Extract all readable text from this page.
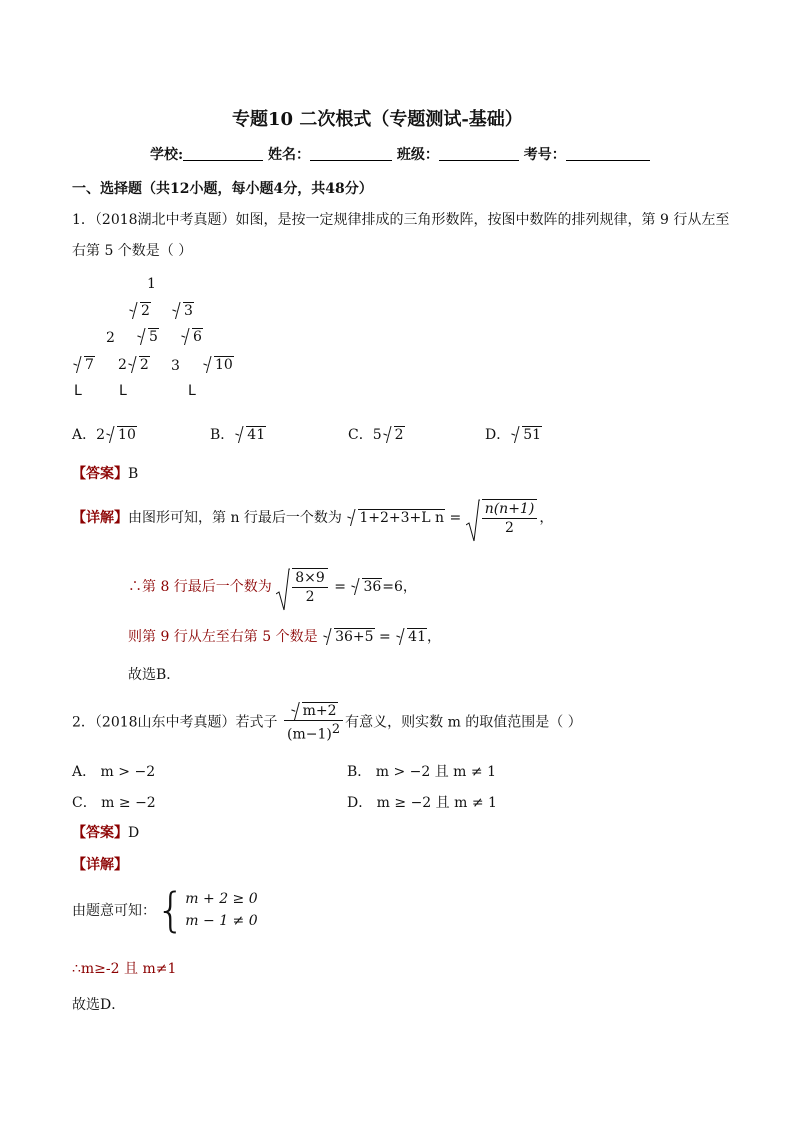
专题10 二次根式（专题测试-基础）
学校:	姓名：	班级：	考号：
一、选择题（共12小题，每小题4分，共48分）
1．（2018湖北中考真题）如图，是按一定规律排成的三角形数阵，按图中数阵的排列规律，第 9 行从左至
右第 5 个数是（ ）
1
2	3
2	5	6
7 2 2 3	10
L	L	L
A．2 10	B． 41	C．5 2	D． 51
【答案】B
【详解】由图形可知，第 n 行最后一个数为 1+2+3+L $n = \frac{n(n+1)}{2}$ ，
∴第 8 行最后一个数为 $\frac{8\times 9}{2}$ =
36=6，
则第 9 行从左至右第 5 个数是 36+5 =
41，
故选B．
2．（2018山东中考真题）若式子 $\frac{m+2}{(m-1)^2}$ 有意义，则实数 m 的取值范围是（ ）
A． m > −2	B． m > −2 且 m ≠ 1
C． m ≥ −2	D． m ≥ −2 且 m ≠ 1
【答案】D
【详解】
由题意可知：{ m + 2 ≥ 0
m − 1 ≠ 0
∴m≥-2 且 m≠1
故选D．
